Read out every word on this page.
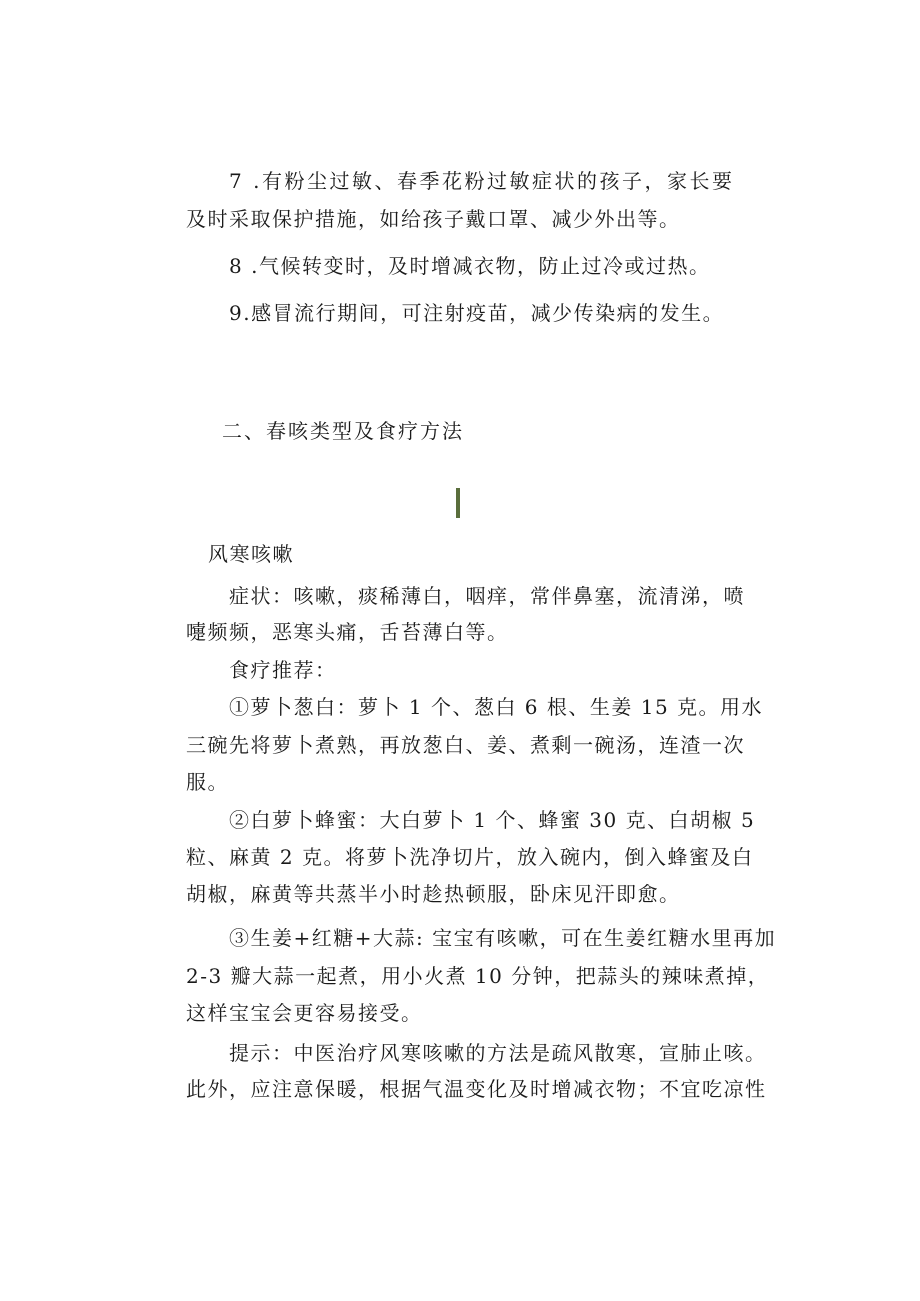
7 .有粉尘过敏、春季花粉过敏症状的孩子，家长要
及时采取保护措施，如给孩子戴口罩、减少外出等。
8 .气候转变时，及时增减衣物，防止过冷或过热。
9.感冒流行期间，可注射疫苗，减少传染病的发生。
二、春咳类型及食疗方法
风寒咳嗽
症状：咳嗽，痰稀薄白，咽痒，常伴鼻塞，流清涕，喷
嚏频频，恶寒头痛，舌苔薄白等。
食疗推荐：
①萝卜葱白：萝卜 1 个、葱白 6 根、生姜 15 克。用水
三碗先将萝卜煮熟，再放葱白、姜、煮剩一碗汤，连渣一次
服。
②白萝卜蜂蜜：大白萝卜 1 个、蜂蜜 30 克、白胡椒 5
粒、麻黄 2 克。将萝卜洗净切片，放入碗内，倒入蜂蜜及白
胡椒，麻黄等共蒸半小时趁热顿服，卧床见汗即愈。
③生姜+红糖+大蒜: 宝宝有咳嗽，可在生姜红糖水里再加
2-3 瓣大蒜一起煮，用小火煮 10 分钟，把蒜头的辣味煮掉，
这样宝宝会更容易接受。
提示：中医治疗风寒咳嗽的方法是疏风散寒，宣肺止咳。
此外，应注意保暖，根据气温变化及时增减衣物；不宜吃凉性
